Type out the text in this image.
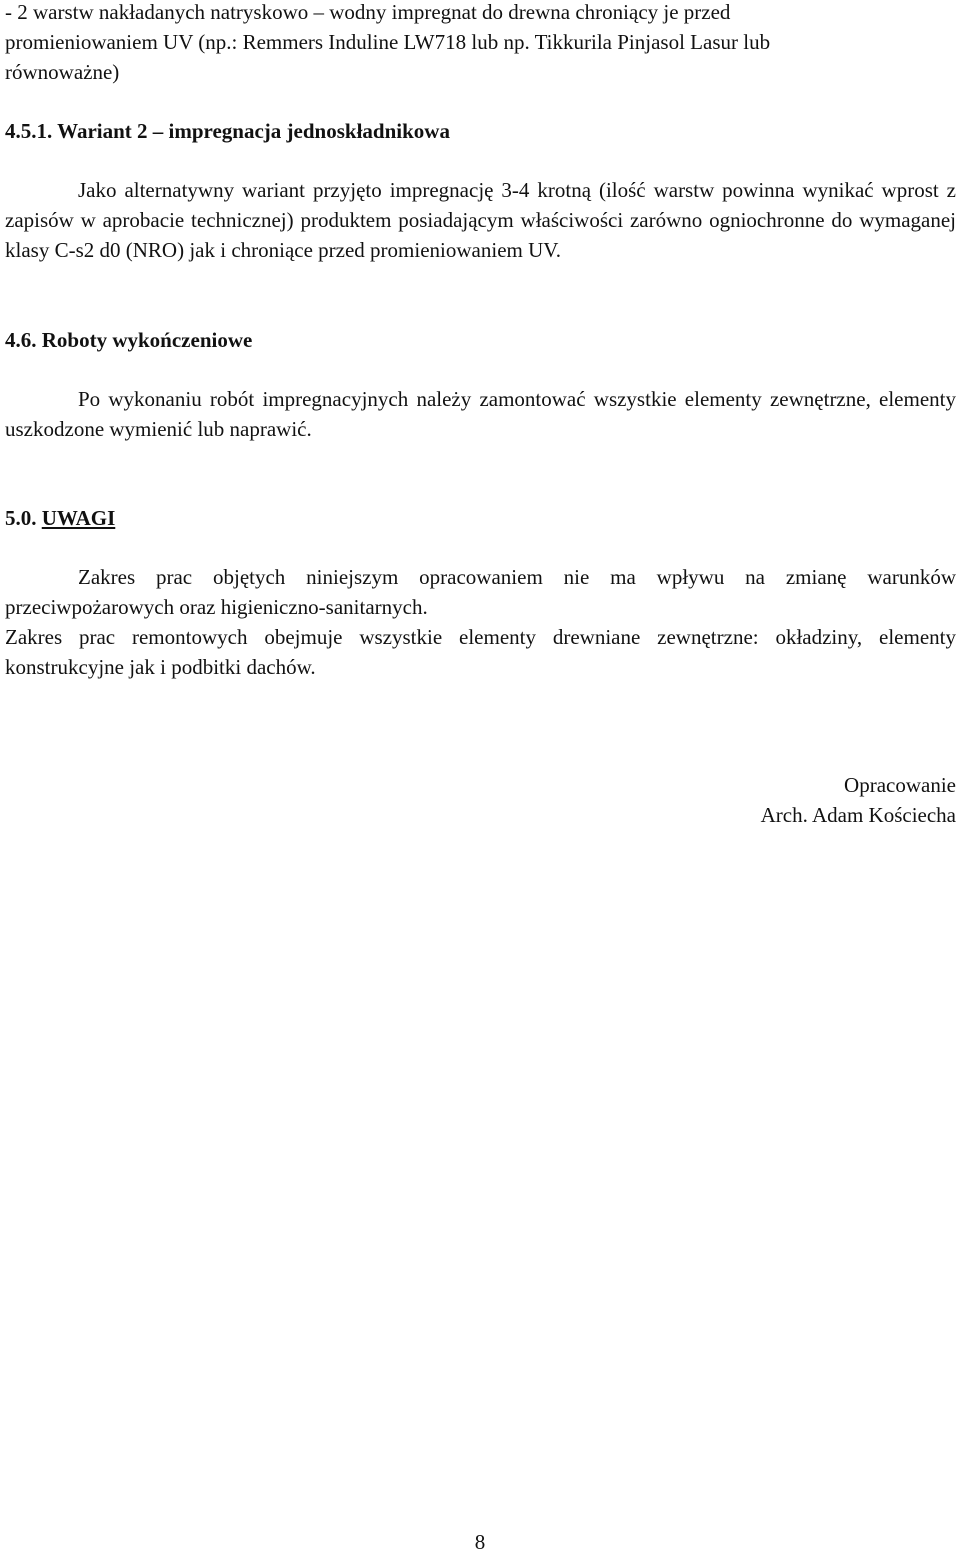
- 2 warstw nakładanych natryskowo – wodny impregnat do drewna chroniący je przed

promieniowaniem UV (np.: Remmers Induline LW718 lub np. Tikkurila Pinjasol Lasur lub

równoważne)

4.5.1. Wariant 2 – impregnacja jednoskładnikowa

Jako alternatywny wariant przyjęto impregnację 3-4 krotną (ilość warstw powinna wynikać wprost z zapisów w aprobacie technicznej) produktem posiadającym właściwości zarówno ogniochronne do wymaganej klasy C-s2 d0 (NRO) jak i chroniące przed promieniowaniem UV.

4.6. Roboty wykończeniowe

Po wykonaniu robót impregnacyjnych należy zamontować wszystkie elementy zewnętrzne, elementy uszkodzone wymienić lub naprawić.

5.0. UWAGI

Zakres prac objętych niniejszym opracowaniem nie ma wpływu na zmianę warunków przeciwpożarowych oraz higieniczno-sanitarnych.

Zakres prac remontowych obejmuje wszystkie elementy drewniane zewnętrzne: okładziny, elementy konstrukcyjne jak i podbitki dachów.

Opracowanie

Arch. Adam Kościecha

8
